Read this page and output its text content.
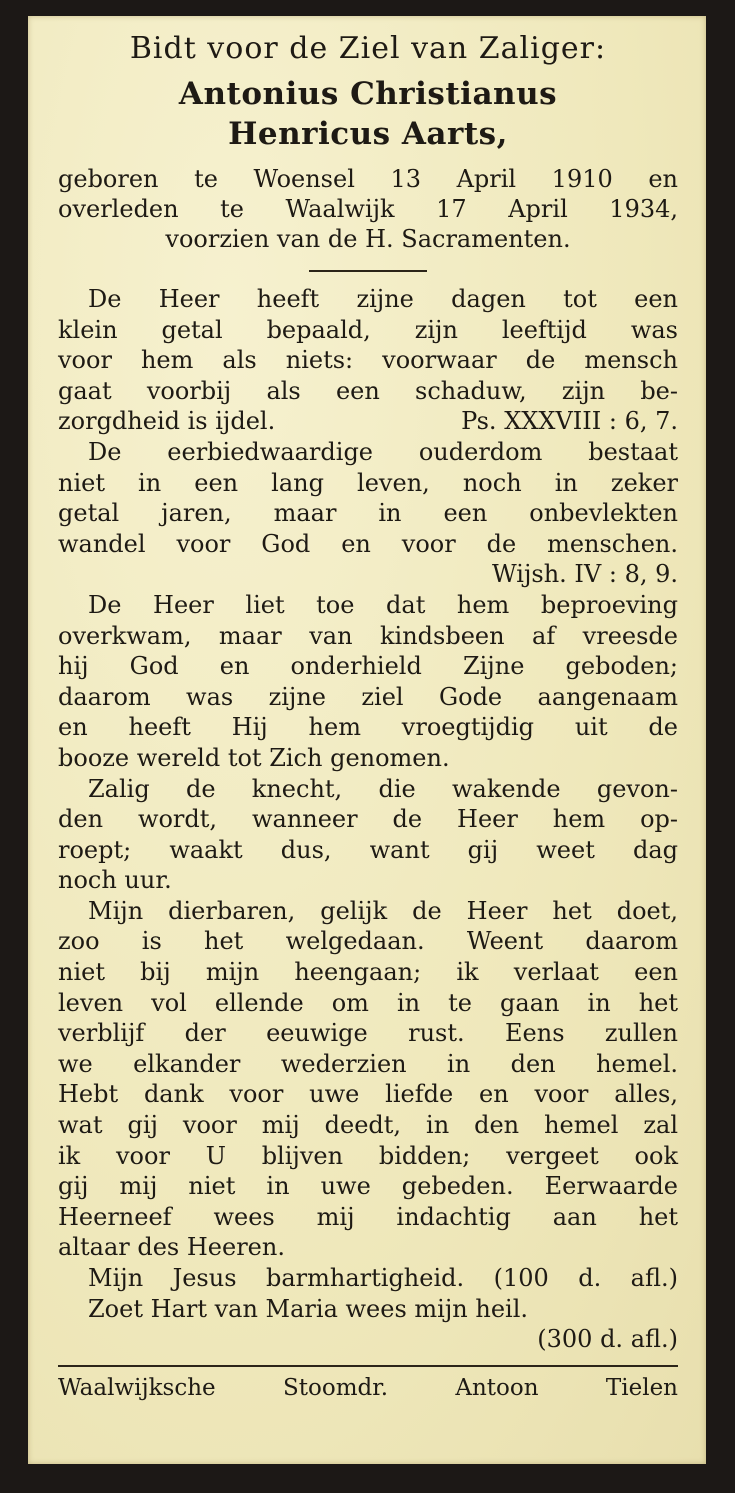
Bidt voor de Ziel van Zaliger:
Antonius Christianus
Henricus Aarts,
geboren te Woensel 13 April 1910 en
overleden te Waalwijk 17 April 1934,
voorzien van de H. Sacramenten.
De Heer heeft zijne dagen tot een
klein getal bepaald, zijn leeftijd was
voor hem als niets: voorwaar de mensch
gaat voorbij als een schaduw, zijn be-
zorgdheid is ijdel.	Ps. XXXVIII : 6, 7.
De eerbiedwaardige ouderdom bestaat
niet in een lang leven, noch in zeker
getal jaren, maar in een onbevlekten
wandel voor God en voor de menschen.
Wijsh. IV : 8, 9.
De Heer liet toe dat hem beproeving
overkwam, maar van kindsbeen af vreesde
hij God en onderhield Zijne geboden;
daarom was zijne ziel Gode aangenaam
en heeft Hij hem vroegtijdig uit de
booze wereld tot Zich genomen.
Zalig de knecht, die wakende gevon-
den wordt, wanneer de Heer hem op-
roept; waakt dus, want gij weet dag
noch uur.
Mijn dierbaren, gelijk de Heer het doet,
zoo is het welgedaan. Weent daarom
niet bij mijn heengaan; ik verlaat een
leven vol ellende om in te gaan in het
verblijf der eeuwige rust. Eens zullen
we elkander wederzien in den hemel.
Hebt dank voor uwe liefde en voor alles,
wat gij voor mij deedt, in den hemel zal
ik voor U blijven bidden; vergeet ook
gij mij niet in uwe gebeden. Eerwaarde
Heerneef wees mij indachtig aan het
altaar des Heeren.
Mijn Jesus barmhartigheid. (100 d. afl.)
Zoet Hart van Maria wees mijn heil.
(300 d. afl.)
Waalwijksche Stoomdr. Antoon Tielen
